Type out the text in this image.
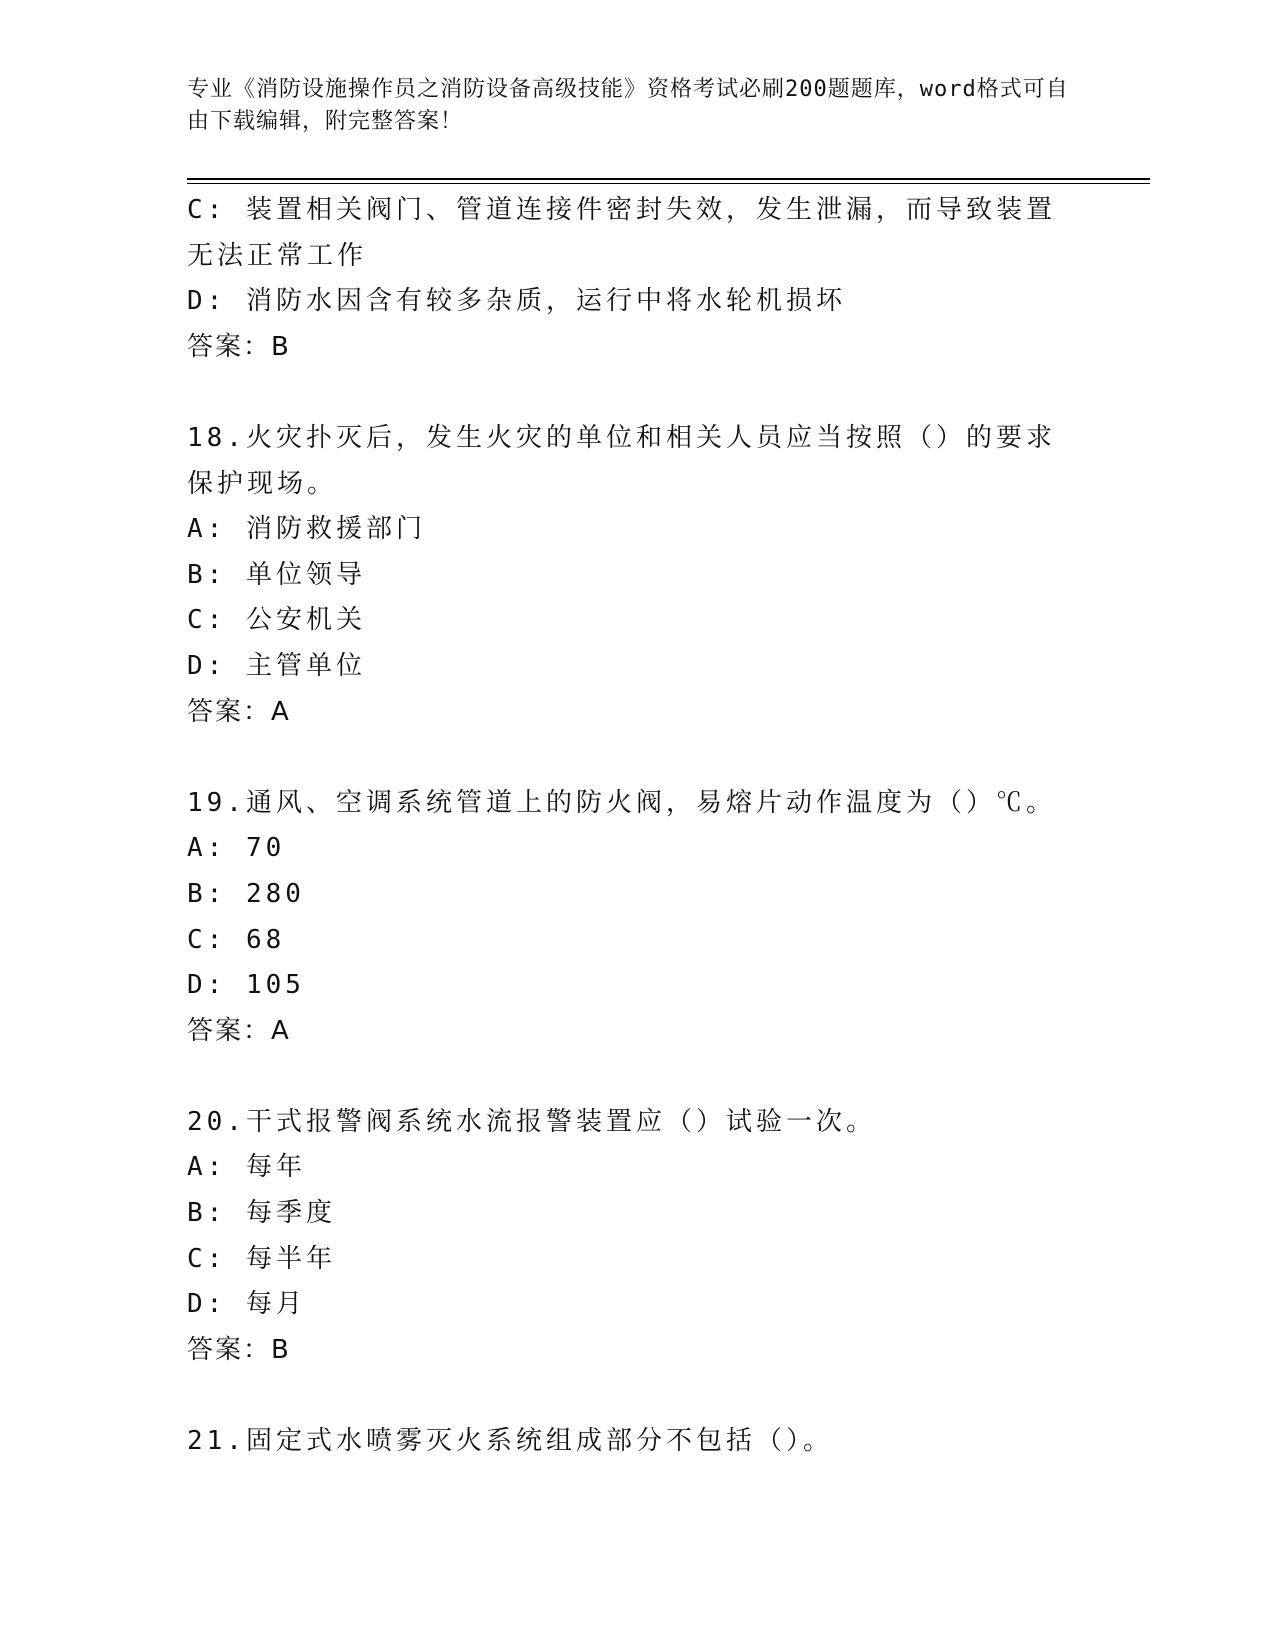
专业《消防设施操作员之消防设备高级技能》资格考试必刷200题题库，word格式可自由下载编辑，附完整答案！
C: 装置相关阀门、管道连接件密封失效，发生泄漏，而导致装置无法正常工作
D: 消防水因含有较多杂质，运行中将水轮机损坏
答案：B
18.火灾扑灭后，发生火灾的单位和相关人员应当按照（）的要求保护现场。
A: 消防救援部门
B: 单位领导
C: 公安机关
D: 主管单位
答案：A
19.通风、空调系统管道上的防火阀，易熔片动作温度为（）℃。
A: 70
B: 280
C: 68
D: 105
答案：A
20.干式报警阀系统水流报警装置应（）试验一次。
A: 每年
B: 每季度
C: 每半年
D: 每月
答案：B
21.固定式水喷雾灭火系统组成部分不包括（）。
